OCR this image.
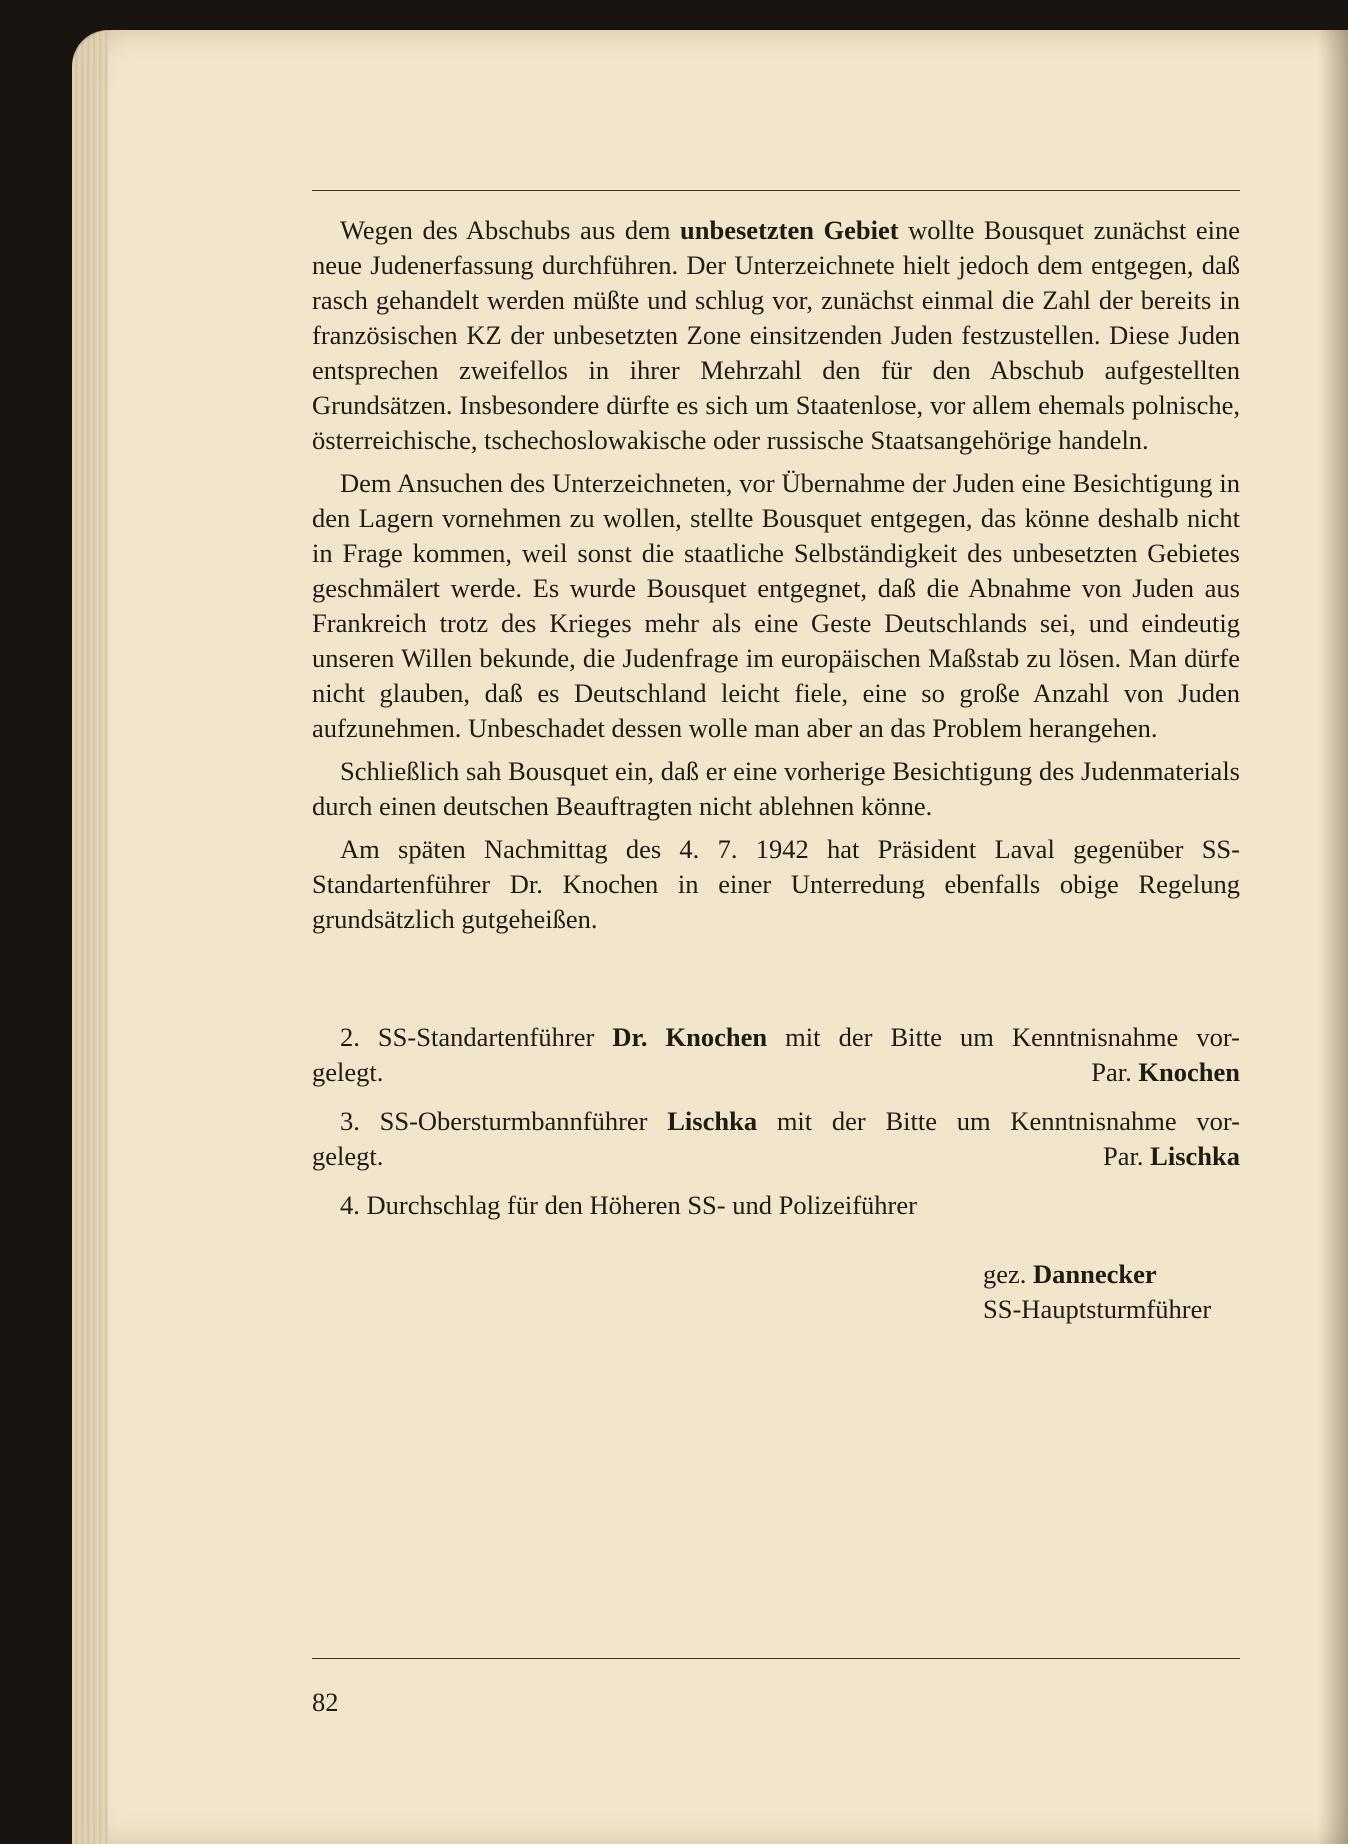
Wegen des Abschubs aus dem unbesetzten Gebiet wollte Bousquet zunächst eine neue Judenerfassung durchführen. Der Unterzeichnete hielt jedoch dem entgegen, daß rasch gehandelt werden müßte und schlug vor, zunächst einmal die Zahl der bereits in französischen KZ der unbesetzten Zone einsitzenden Juden festzustellen. Diese Juden entsprechen zweifellos in ihrer Mehrzahl den für den Abschub aufgestellten Grundsätzen. Insbesondere dürfte es sich um Staatenlose, vor allem ehemals polnische, österreichische, tschechoslowakische oder russische Staatsangehörige handeln.

Dem Ansuchen des Unterzeichneten, vor Übernahme der Juden eine Besichtigung in den Lagern vornehmen zu wollen, stellte Bousquet entgegen, das könne deshalb nicht in Frage kommen, weil sonst die staatliche Selbständigkeit des unbesetzten Gebietes geschmälert werde. Es wurde Bousquet entgegnet, daß die Abnahme von Juden aus Frankreich trotz des Krieges mehr als eine Geste Deutschlands sei, und eindeutig unseren Willen bekunde, die Judenfrage im europäischen Maßstab zu lösen. Man dürfe nicht glauben, daß es Deutschland leicht fiele, eine so große Anzahl von Juden aufzunehmen. Unbeschadet dessen wolle man aber an das Problem herangehen.

Schließlich sah Bousquet ein, daß er eine vorherige Besichtigung des Judenmaterials durch einen deutschen Beauftragten nicht ablehnen könne.

Am späten Nachmittag des 4. 7. 1942 hat Präsident Laval gegenüber SS-Standartenführer Dr. Knochen in einer Unterredung ebenfalls obige Regelung grundsätzlich gutgeheißen.

2. SS-Standartenführer Dr. Knochen mit der Bitte um Kenntnisnahme vor-
gelegt.	Par. Knochen
3. SS-Obersturmbannführer Lischka mit der Bitte um Kenntnisnahme vor-
gelegt.	Par. Lischka
4. Durchschlag für den Höheren SS- und Polizeiführer
gez. Dannecker
SS-Hauptsturmführer
82
